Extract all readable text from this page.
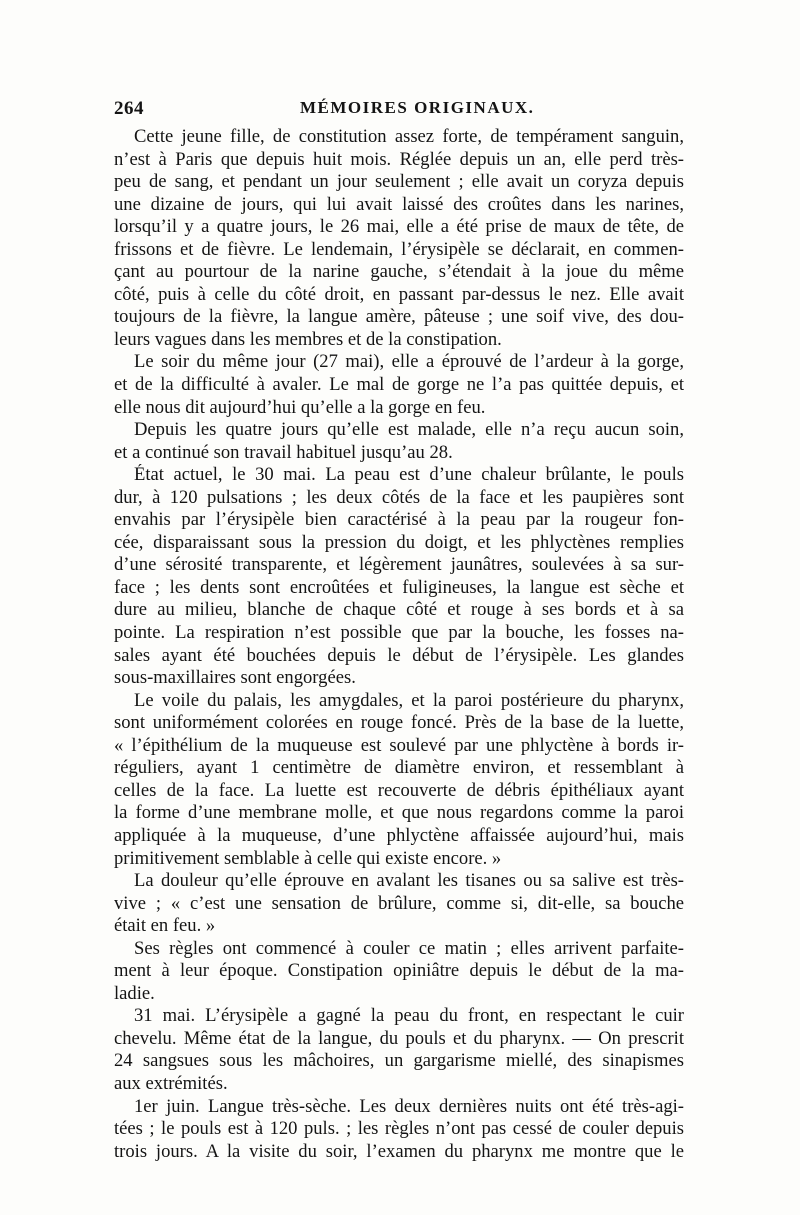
264	MÉMOIRES ORIGINAUX.
Cette jeune fille, de constitution assez forte, de tempérament sanguin,
n’est à Paris que depuis huit mois. Réglée depuis un an, elle perd très-
peu de sang, et pendant un jour seulement ; elle avait un coryza depuis
une dizaine de jours, qui lui avait laissé des croûtes dans les narines,
lorsqu’il y a quatre jours, le 26 mai, elle a été prise de maux de tête, de
frissons et de fièvre. Le lendemain, l’érysipèle se déclarait, en commen-
çant au pourtour de la narine gauche, s’étendait à la joue du même
côté, puis à celle du côté droit, en passant par-dessus le nez. Elle avait
toujours de la fièvre, la langue amère, pâteuse ; une soif vive, des dou-
leurs vagues dans les membres et de la constipation.
Le soir du même jour (27 mai), elle a éprouvé de l’ardeur à la gorge,
et de la difficulté à avaler. Le mal de gorge ne l’a pas quittée depuis, et
elle nous dit aujourd’hui qu’elle a la gorge en feu.
Depuis les quatre jours qu’elle est malade, elle n’a reçu aucun soin,
et a continué son travail habituel jusqu’au 28.
État actuel, le 30 mai. La peau est d’une chaleur brûlante, le pouls
dur, à 120 pulsations ; les deux côtés de la face et les paupières sont
envahis par l’érysipèle bien caractérisé à la peau par la rougeur fon-
cée, disparaissant sous la pression du doigt, et les phlyctènes remplies
d’une sérosité transparente, et légèrement jaunâtres, soulevées à sa sur-
face ; les dents sont encroûtées et fuligineuses, la langue est sèche et
dure au milieu, blanche de chaque côté et rouge à ses bords et à sa
pointe. La respiration n’est possible que par la bouche, les fosses na-
sales ayant été bouchées depuis le début de l’érysipèle. Les glandes
sous-maxillaires sont engorgées.
Le voile du palais, les amygdales, et la paroi postérieure du pharynx,
sont uniformément colorées en rouge foncé. Près de la base de la luette,
« l’épithélium de la muqueuse est soulevé par une phlyctène à bords ir-
réguliers, ayant 1 centimètre de diamètre environ, et ressemblant à
celles de la face. La luette est recouverte de débris épithéliaux ayant
la forme d’une membrane molle, et que nous regardons comme la paroi
appliquée à la muqueuse, d’une phlyctène affaissée aujourd’hui, mais
primitivement semblable à celle qui existe encore. »
La douleur qu’elle éprouve en avalant les tisanes ou sa salive est très-
vive ; « c’est une sensation de brûlure, comme si, dit-elle, sa bouche
était en feu. »
Ses règles ont commencé à couler ce matin ; elles arrivent parfaite-
ment à leur époque. Constipation opiniâtre depuis le début de la ma-
ladie.
31 mai. L’érysipèle a gagné la peau du front, en respectant le cuir
chevelu. Même état de la langue, du pouls et du pharynx. — On prescrit
24 sangsues sous les mâchoires, un gargarisme miellé, des sinapismes
aux extrémités.
1er juin. Langue très-sèche. Les deux dernières nuits ont été très-agi-
tées ; le pouls est à 120 puls. ; les règles n’ont pas cessé de couler depuis
trois jours. A la visite du soir, l’examen du pharynx me montre que le
